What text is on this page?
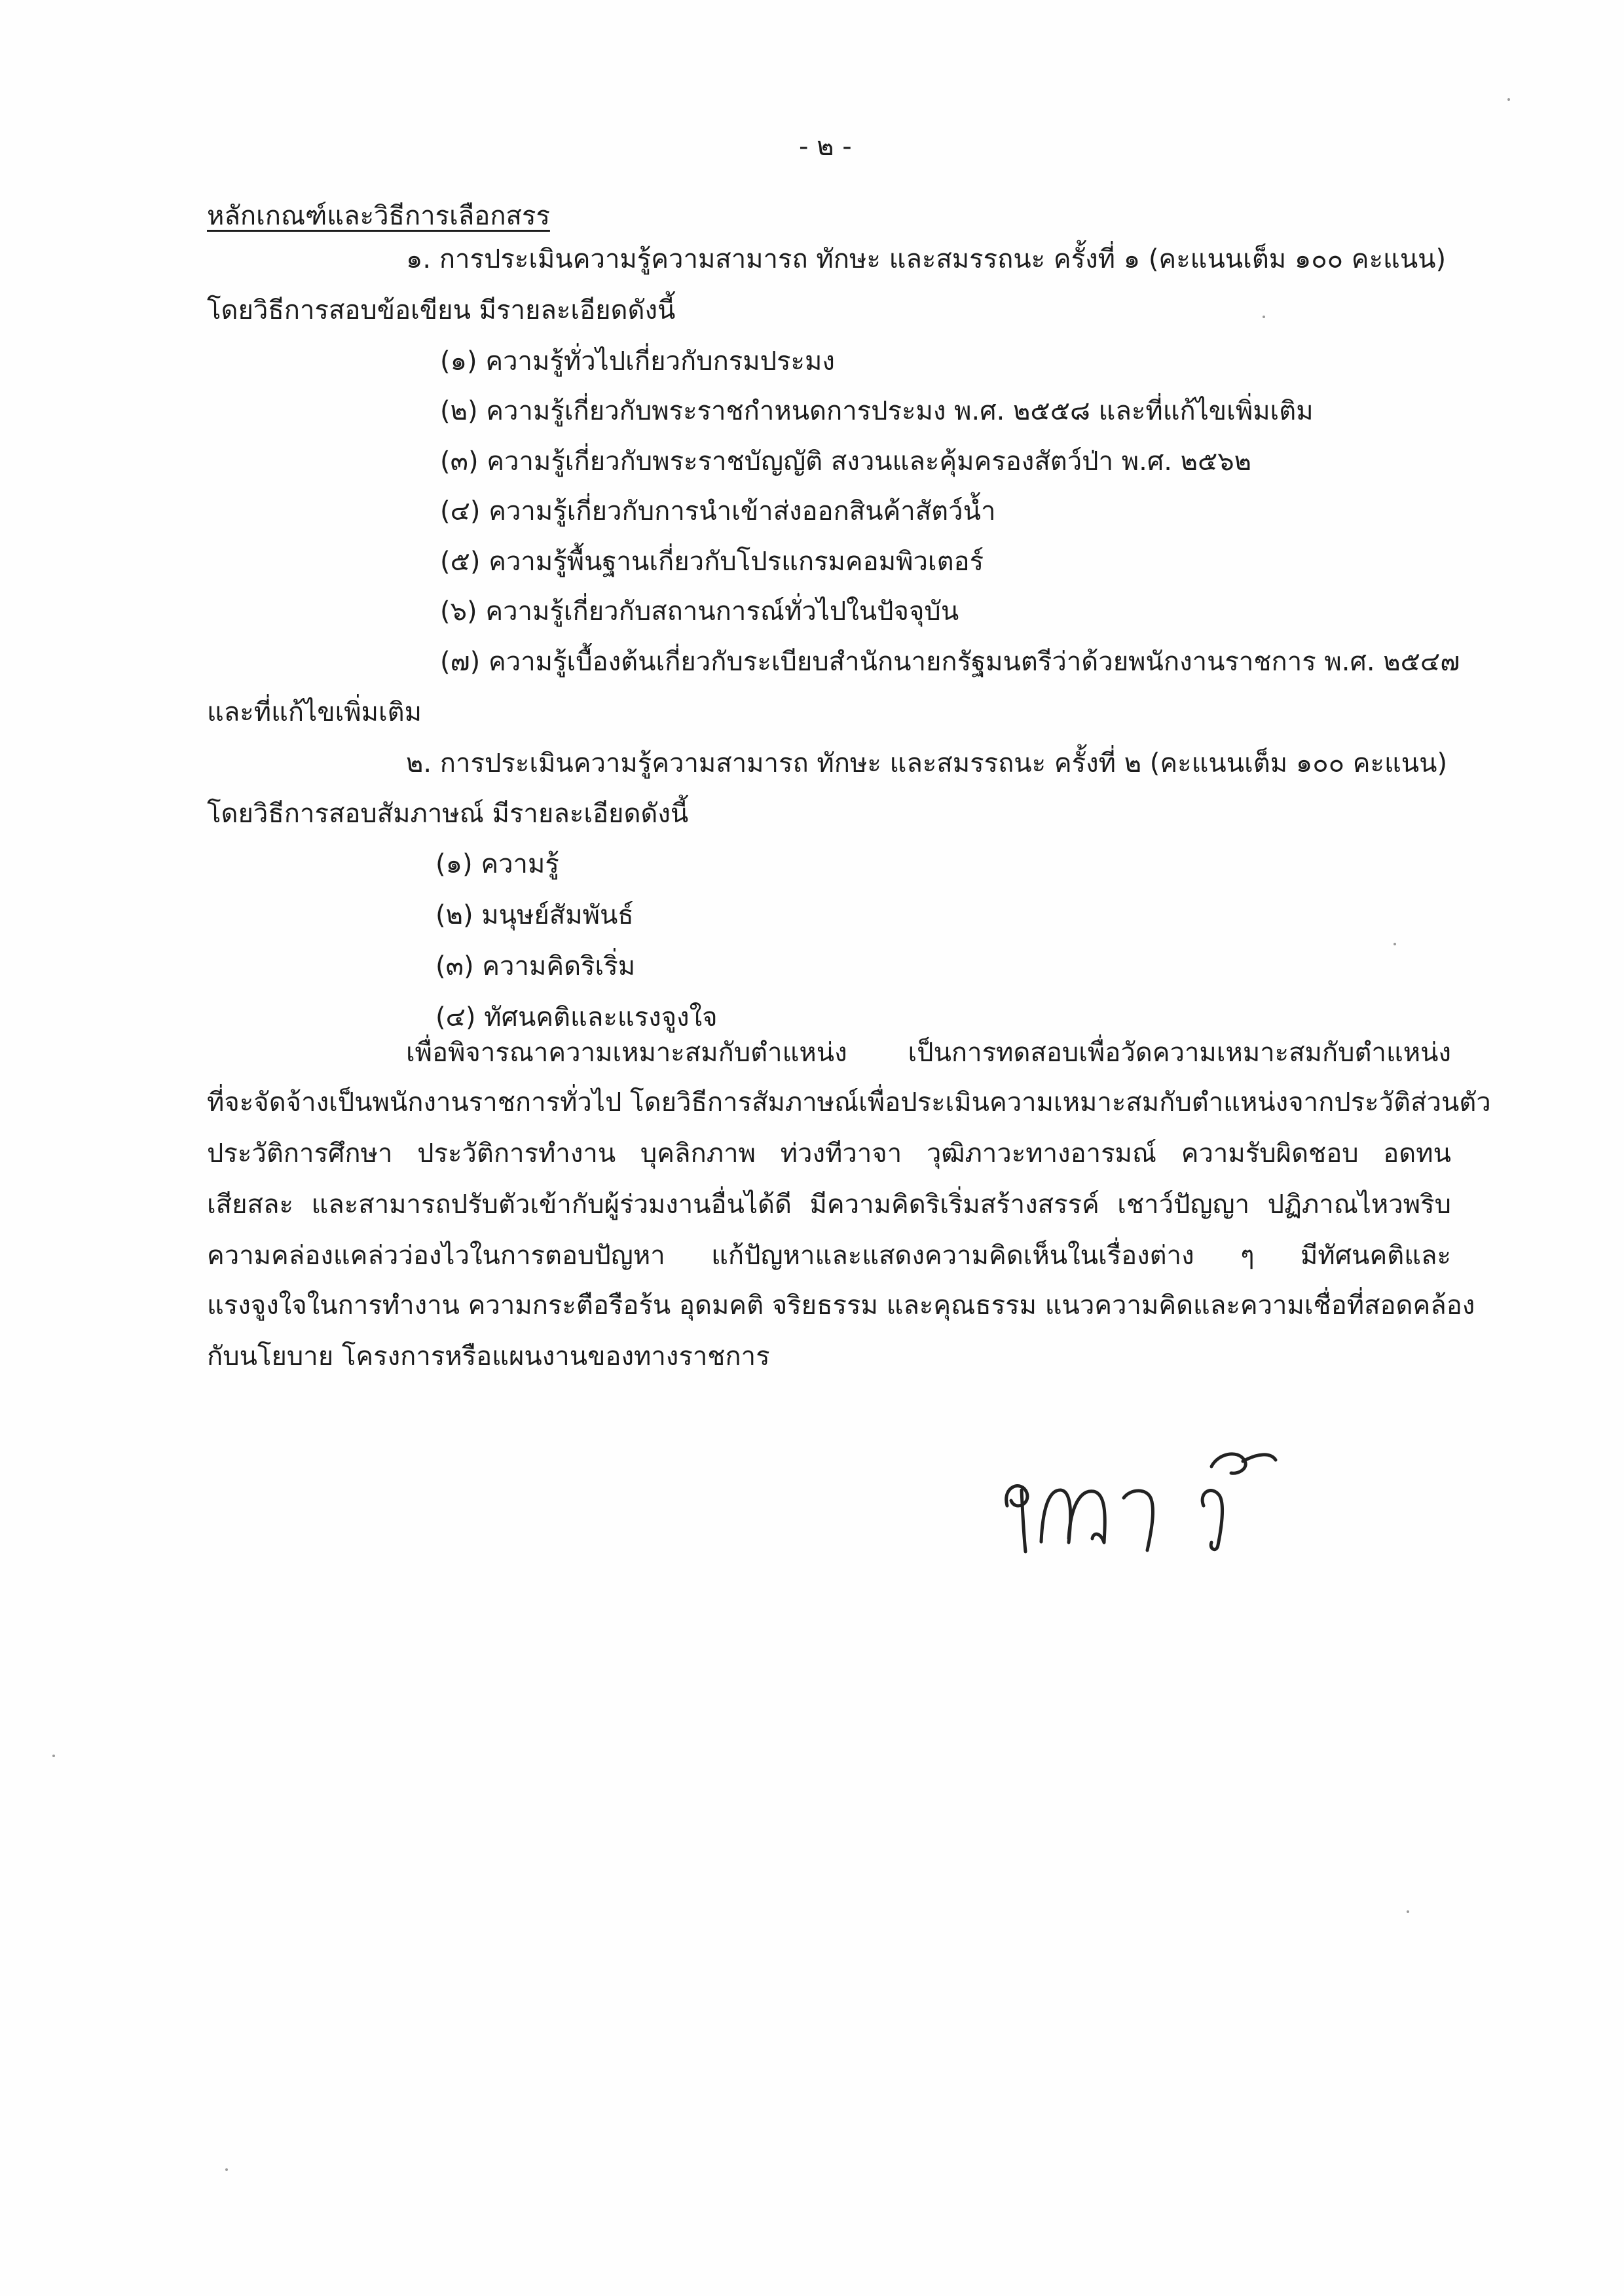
- ๒ -
หลักเกณฑ์และวิธีการเลือกสรร
๑. การประเมินความรู้ความสามารถ ทักษะ และสมรรถนะ ครั้งที่ ๑ (คะแนนเต็ม ๑๐๐ คะแนน)
โดยวิธีการสอบข้อเขียน มีรายละเอียดดังนี้
(๑) ความรู้ทั่วไปเกี่ยวกับกรมประมง
(๒) ความรู้เกี่ยวกับพระราชกำหนดการประมง พ.ศ. ๒๕๕๘ และที่แก้ไขเพิ่มเติม
(๓) ความรู้เกี่ยวกับพระราชบัญญัติ สงวนและคุ้มครองสัตว์ป่า พ.ศ. ๒๕๖๒
(๔) ความรู้เกี่ยวกับการนำเข้าส่งออกสินค้าสัตว์น้ำ
(๕) ความรู้พื้นฐานเกี่ยวกับโปรแกรมคอมพิวเตอร์
(๖) ความรู้เกี่ยวกับสถานการณ์ทั่วไปในปัจจุบัน
(๗) ความรู้เบื้องต้นเกี่ยวกับระเบียบสำนักนายกรัฐมนตรีว่าด้วยพนักงานราชการ พ.ศ. ๒๕๔๗
และที่แก้ไขเพิ่มเติม
๒. การประเมินความรู้ความสามารถ ทักษะ และสมรรถนะ ครั้งที่ ๒ (คะแนนเต็ม ๑๐๐ คะแนน)
โดยวิธีการสอบสัมภาษณ์ มีรายละเอียดดังนี้
(๑) ความรู้
(๒) มนุษย์สัมพันธ์
(๓) ความคิดริเริ่ม
(๔) ทัศนคติและแรงจูงใจ
เพื่อพิจารณาความเหมาะสมกับตำแหน่ง เป็นการทดสอบเพื่อวัดความเหมาะสมกับตำแหน่ง
ที่จะจัดจ้างเป็นพนักงานราชการทั่วไป โดยวิธีการสัมภาษณ์เพื่อประเมินความเหมาะสมกับตำแหน่งจากประวัติส่วนตัว
ประวัติการศึกษา ประวัติการทำงาน บุคลิกภาพ ท่วงทีวาจา วุฒิภาวะทางอารมณ์ ความรับผิดชอบ อดทน
เสียสละ และสามารถปรับตัวเข้ากับผู้ร่วมงานอื่นได้ดี มีความคิดริเริ่มสร้างสรรค์ เชาว์ปัญญา ปฏิภาณไหวพริบ
ความคล่องแคล่วว่องไวในการตอบปัญหา แก้ปัญหาและแสดงความคิดเห็นในเรื่องต่าง ๆ มีทัศนคติและ
แรงจูงใจในการทำงาน ความกระตือรือร้น อุดมคติ จริยธรรม และคุณธรรม แนวความคิดและความเชื่อที่สอดคล้อง
กับนโยบาย โครงการหรือแผนงานของทางราชการ
